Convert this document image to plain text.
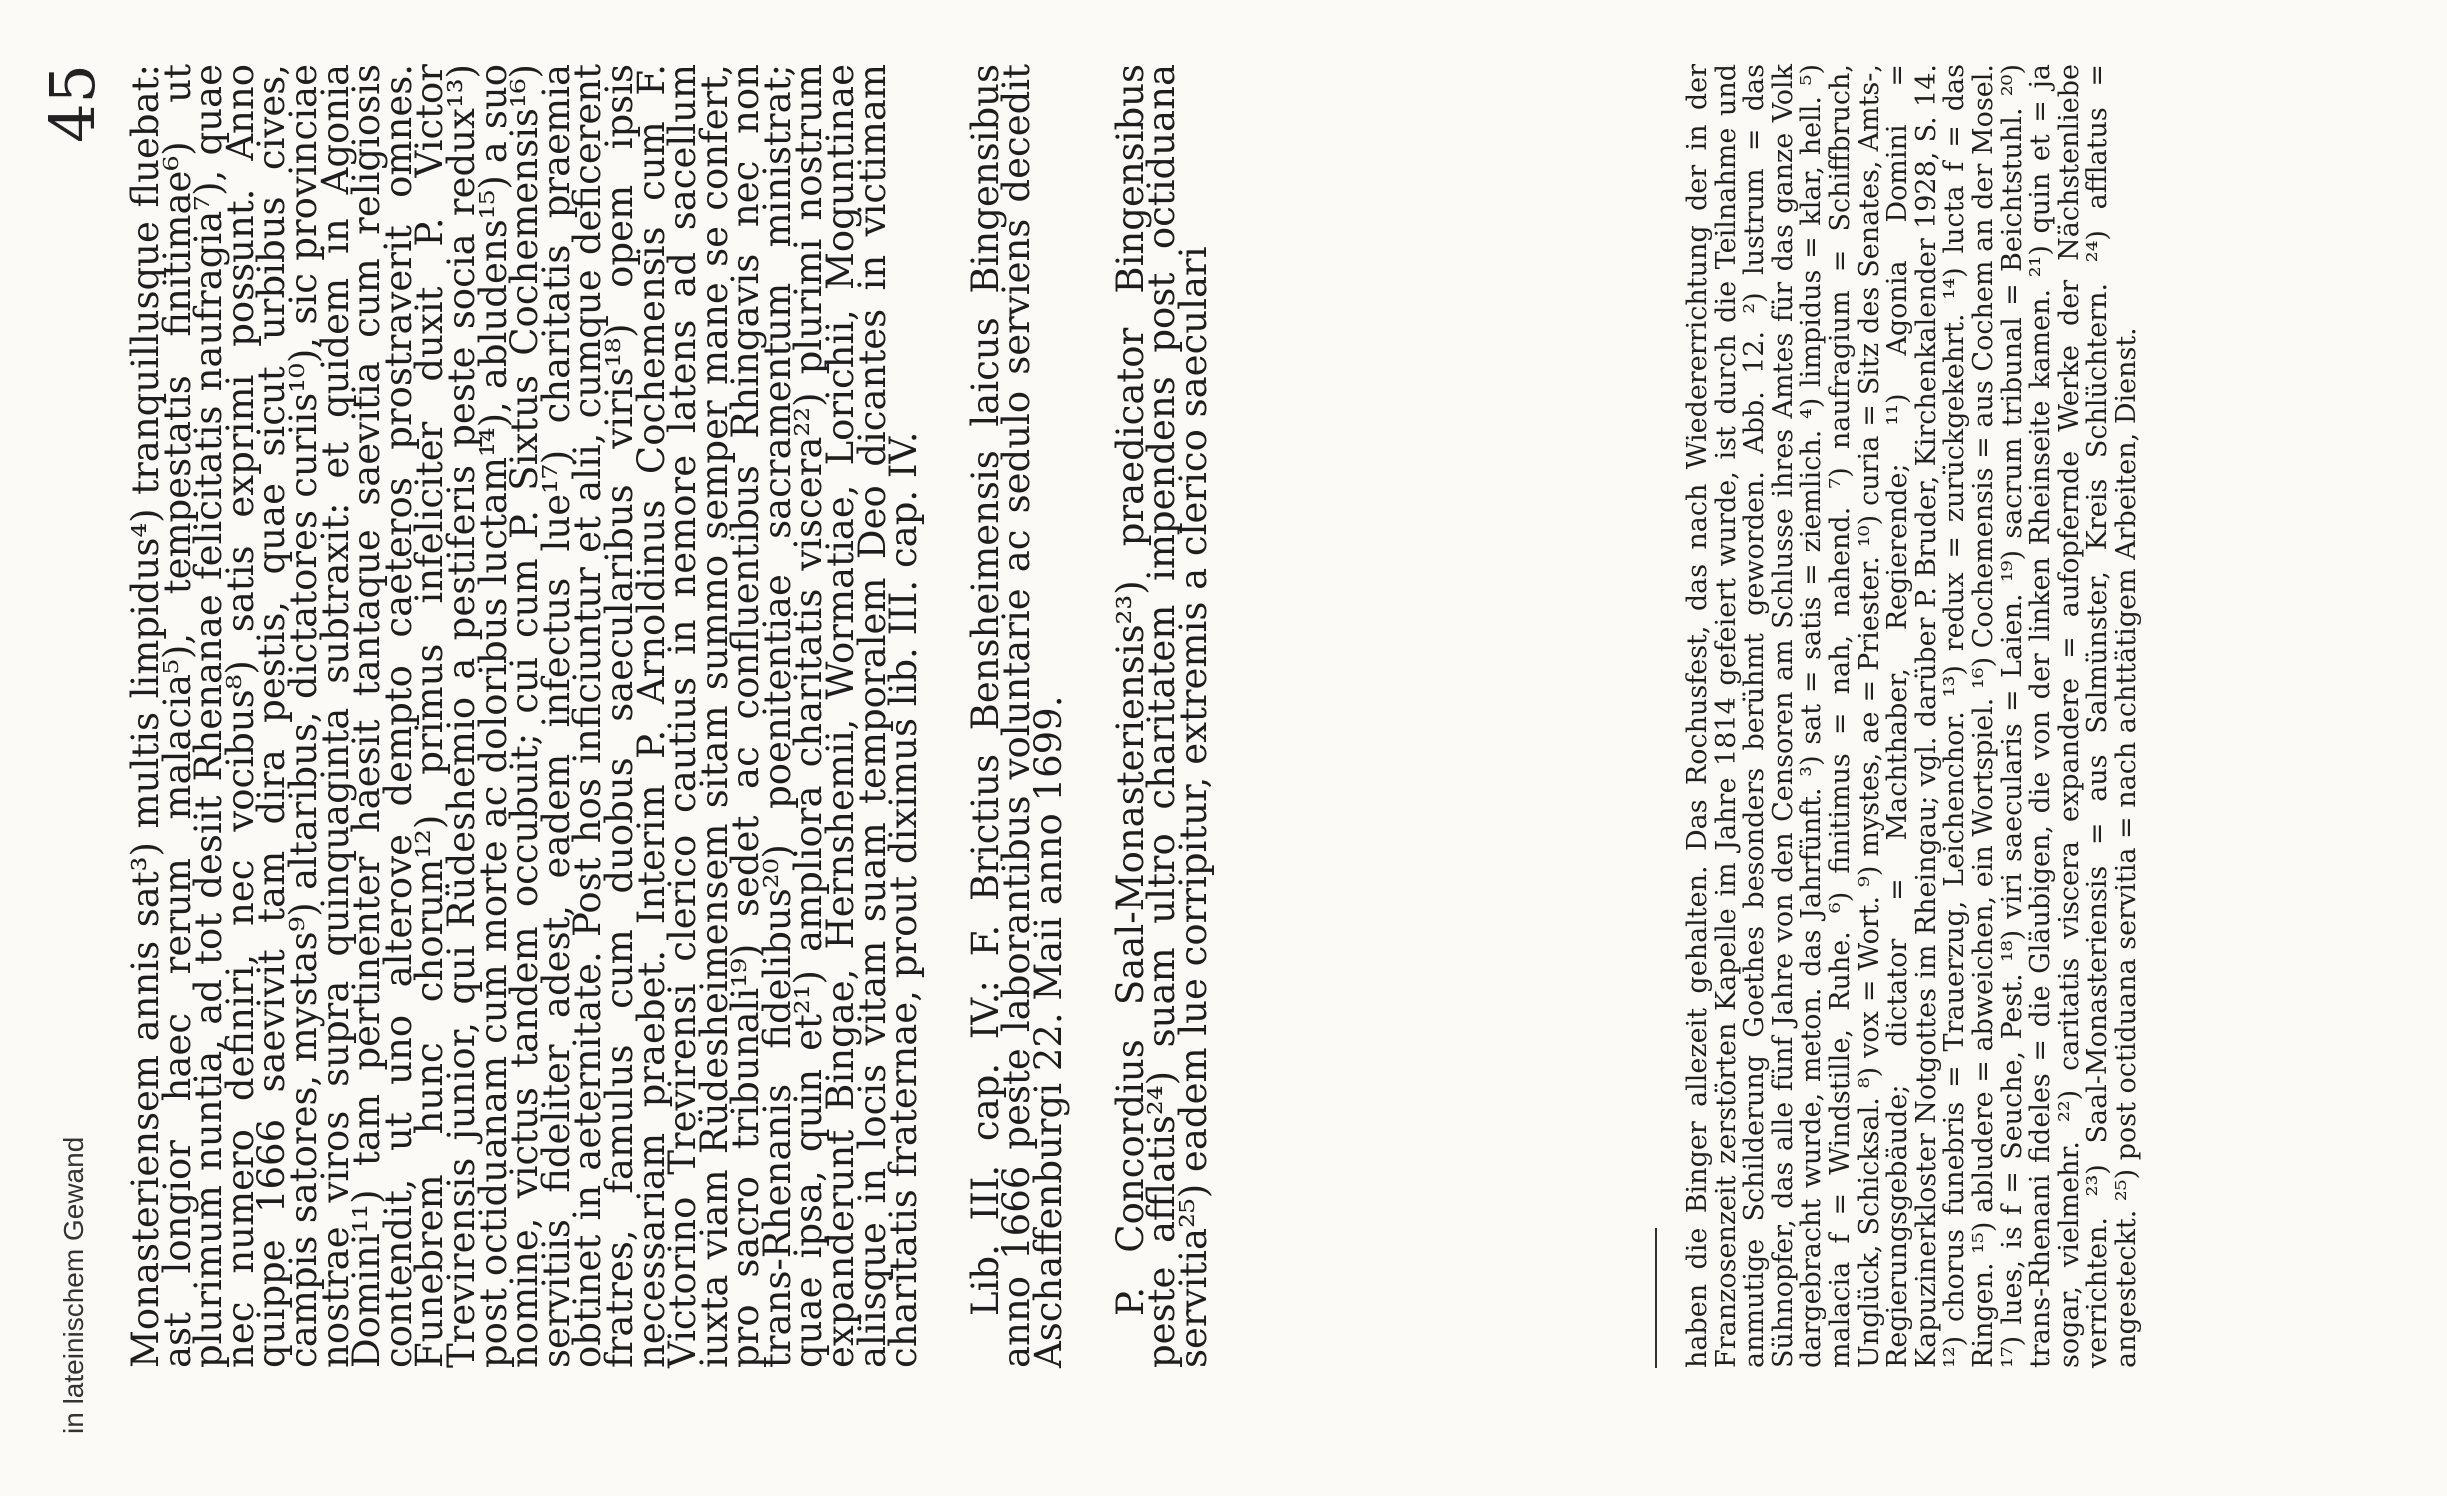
in lateinischem Gewand
45 Monasteriensem annis sat³) multis limpidus⁴) tranquillusque fluebat: ast longior haec rerum malacia⁵), tempestatis finitimae⁶) ut plurimum nuntia, ad tot desiit Rhenanae felicitatis naufragia⁷), quae nec numero definiri, nec vocibus⁸) satis exprimi possunt. Anno quippe 1666 saevivit tam dira pestis, quae sicut urbibus cives, campis satores, mystas⁹) altaribus, dictatores curiis¹⁰), sic provinciae nostrae viros supra quinquaginta subtraxit: et quidem in Agonia Domini¹¹) tam pertinenter haesit tantaque saevitia cum religiosis contendit, ut uno alterove dempto caeteros prostraverit omnes. Funebrem hunc chorum¹²) primus infeliciter duxit P. Victor Trevirensis junior, qui Rüdeshemio a pestiferis peste socia redux¹³) post octiduanam cum morte ac doloribus luctam¹⁴), abludens¹⁵) a suo nomine, victus tandem occubuit; cui cum P. Sixtus Cochemensis¹⁶) servitiis fideliter adest, eadem infectus lue¹⁷) charitatis praemia obtinet in aeternitate. Post hos inficiuntur et alii, cumque deficerent fratres, famulus cum duobus saecularibus viris¹⁸) opem ipsis necessariam praebet. Interim P. Arnoldinus Cochemensis cum F. Victorino Trevirensi clerico cautius in nemore latens ad sacellum iuxta viam Rüdesheimensem sitam summo semper mane se confert, pro sacro tribunali¹⁹) sedet ac confluentibus Rhingavis nec non trans-Rhenanis fidelibus²⁰) poenitentiae sacramentum ministrat; quae ipsa, quin et²¹) ampliora charitatis viscera²²) plurimi nostrum expanderunt Bingae, Hernshemii, Wormatiae, Lorichii, Moguntinae aliisque in locis vitam suam temporalem Deo dicantes in victimam charitatis fraternae, prout diximus lib. III. cap. IV. Lib. III. cap. IV.: F. Brictius Bensheimensis laicus Bingensibus anno 1666 peste laborantibus voluntarie ac sedulo serviens decedit Aschaffenburgi 22. Maii anno 1699. P. Concordius Saal-Monasteriensis²³) praedicator Bingensibus peste afflatis²⁴) suam ultro charitatem impendens post octiduana servitia²⁵) eadem lue corripitur, extremis a clerico saeculari	haben die Binger allezeit gehalten. Das Rochusfest, das nach Wiedererrichtung der in der Franzosenzeit zerstörten Kapelle im Jahre 1814 gefeiert wurde, ist durch die Teilnahme und anmutige Schilderung Goethes besonders berühmt geworden. Abb. 12. ²) lustrum = das Sühnopfer, das alle fünf Jahre von den Censoren am Schlusse ihres Amtes für das ganze Volk dargebracht wurde, meton. das Jahrfünft. ³) sat = satis = ziemlich. ⁴) limpidus = klar, hell. ⁵) malacia f = Windstille, Ruhe. ⁶) finitimus = nah, nahend. ⁷) naufragium = Schiffbruch, Unglück, Schicksal. ⁸) vox = Wort. ⁹) mystes, ae = Priester. ¹⁰) curia = Sitz des Senates, Amts-, Regierungsgebäude; dictator = Machthaber, Regierende; ¹¹) Agonia Domini = Kapuzinerkloster Notgottes im Rheingau; vgl. darüber P. Bruder, Kirchenkalender 1928, S. 14. ¹²) chorus funebris = Trauerzug, Leichenchor. ¹³) redux = zurückgekehrt. ¹⁴) lucta f = das Ringen. ¹⁵) abludere = abweichen, ein Wortspiel. ¹⁶) Cochemensis = aus Cochem an der Mosel. ¹⁷) lues, is f = Seuche, Pest. ¹⁸) viri saecularis = Laien. ¹⁹) sacrum tribunal = Beichtstuhl. ²⁰) trans-Rhenani fideles = die Gläubigen, die von der linken Rheinseite kamen. ²¹) quin et = ja sogar, vielmehr. ²²) caritatis viscera expandere = aufopfernde Werke der Nächstenliebe verrichten. ²³) Saal-Monasteriensis = aus Salmünster, Kreis Schlüchtern. ²⁴) afflatus = angesteckt. ²⁵) post octiduana servitia = nach achttätigem Arbeiten, Dienst.
